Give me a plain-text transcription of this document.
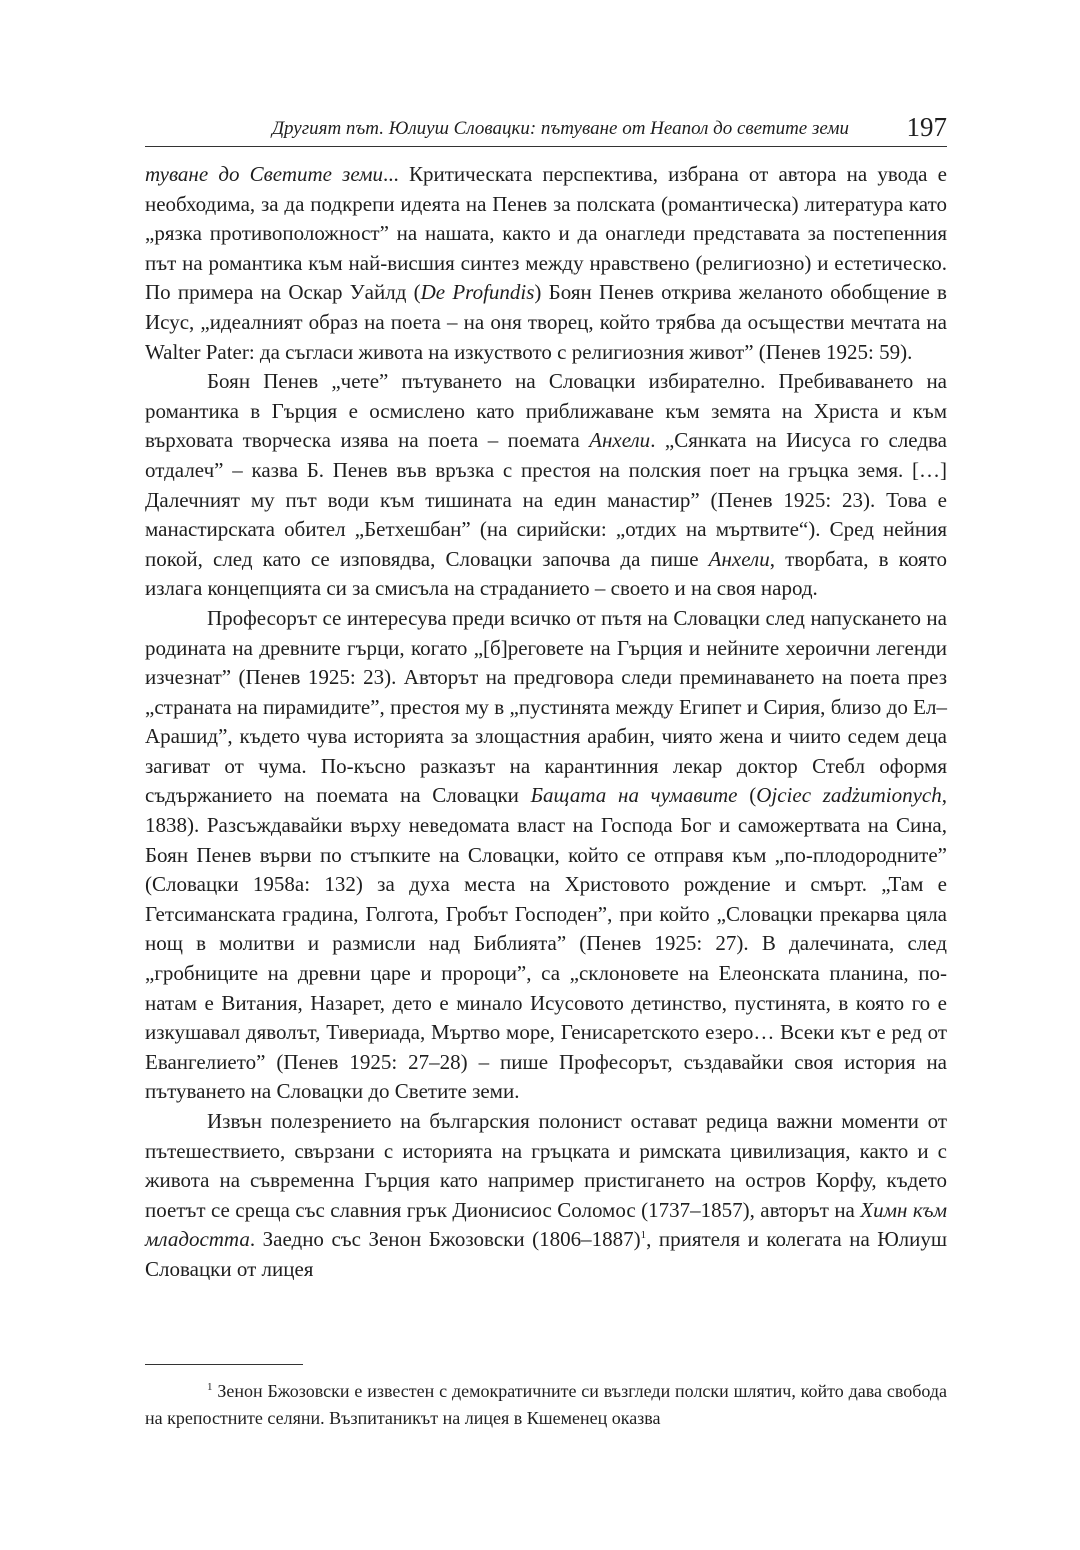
Другият път. Юлиуш Словацки: пътуване от Неапол до светите земи 197

туване до Светите земи... Критическата перспектива, избрана от автора на увода е необходима, за да подкрепи идеята на Пенев за полската (романтическа) литература като „рязка противоположност” на нашата, както и да онагледи представата за постепенния път на романтика към най-висшия синтез между нравствено (религиозно) и естетическо. По примера на Оскар Уайлд (De Profundis) Боян Пенев открива желаното обобщение в Исус, „идеалният образ на поета – на оня творец, който трябва да осъществи мечтата на Walter Pater: да съгласи живота на изкуството с религиозния живот” (Пенев 1925: 59).

Боян Пенев „чете” пътуването на Словацки избирателно. Пребиваването на романтика в Гърция е осмислено като приближаване към земята на Христа и към върховата творческа изява на поета – поемата Анхели. „Сянката на Иисуса го следва отдалеч” – казва Б. Пенев във връзка с престоя на полския поет на гръцка земя. […] Далечният му път води към тишината на един манастир” (Пенев 1925: 23). Това е манастирската обител „Бетхешбан” (на сирийски: „отдих на мъртвите“). Сред нейния покой, след като се изповядва, Словацки започва да пише Анхели, творбата, в която излага концепцията си за смисъла на страданието – своето и на своя народ.

Професорът се интересува преди всичко от пътя на Словацки след напускането на родината на древните гърци, когато „[б]реговете на Гърция и нейните хероични легенди изчезнат” (Пенев 1925: 23). Авторът на предговора следи преминаването на поета през „страната на пирамидите”, престоя му в „пустинята между Египет и Сирия, близо до Ел–Арашид”, където чува историята за злощастния арабин, чиято жена и чиито седем деца загиват от чума. По-късно разказът на карантинния лекар доктор Стебл оформя съдържанието на поемата на Словацки Бащата на чумавите (Ojciec zadżumionych, 1838). Разсъждавайки върху неведомата власт на Господа Бог и саможертвата на Сина, Боян Пенев върви по стъпките на Словацки, който се отправя към „по-плодородните” (Словацки 1958а: 132) за духа места на Христовото рождение и смърт. „Там е Гетсиманската градина, Голгота, Гробът Господен”, при който „Словацки прекарва цяла нощ в молитви и размисли над Библията” (Пенев 1925: 27). В далечината, след „гробниците на древни царе и пророци”, са „склоновете на Елеонската планина, по-натам е Витания, Назарет, дето е минало Исусовото детинство, пустинята, в която го е изкушавал дяволът, Тивериада, Мъртво море, Генисаретското езеро… Всеки кът е ред от Евангелието” (Пенев 1925: 27–28) – пише Професорът, създавайки своя история на пътуването на Словацки до Светите земи.

Извън полезрението на българския полонист остават редица важни моменти от пътешествието, свързани с историята на гръцката и римската цивилизация, както и с живота на съвременна Гърция като например пристигането на остров Корфу, където поетът се среща със славния грък Дионисиос Соломос (1737–1857), авторът на Химн към младостта. Заедно със Зенон Бжозовски (1806–1887)$^1$, приятеля и колегата на Юлиуш Словацки от лицея

$^1$ Зенон Бжозовски е известен с демократичните си възгледи полски шлятич, който дава свобода на крепостните селяни. Възпитаникът на лицея в Кшеменец оказва
